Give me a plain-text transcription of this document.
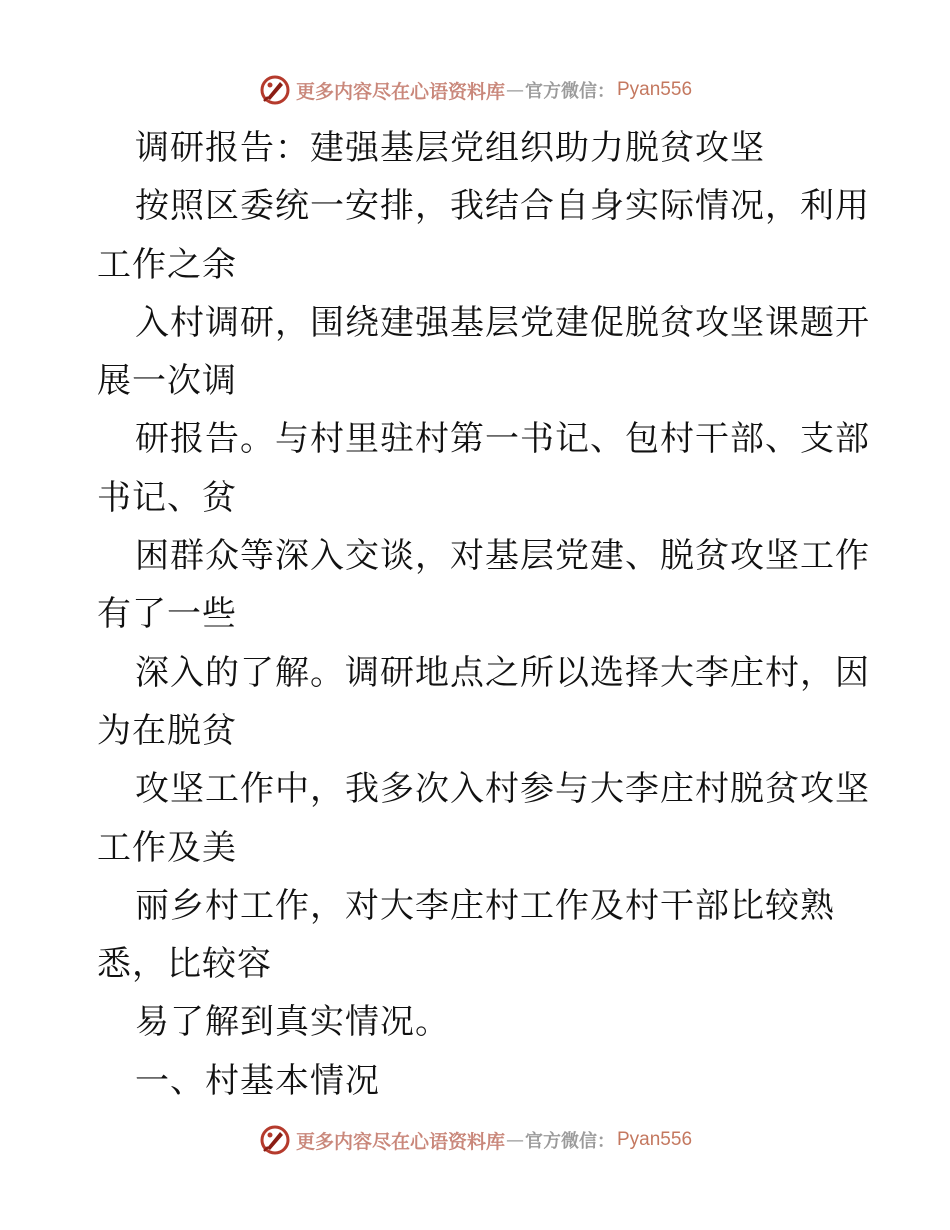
更多内容尽在心语资料库 — 官方微信： Pyan556
调研报告：建强基层党组织助力脱贫攻坚
按照区委统一安排，我结合自身实际情况，利用
工作之余
入村调研，围绕建强基层党建促脱贫攻坚课题开
展一次调
研报告。与村里驻村第一书记、包村干部、支部
书记、贫
困群众等深入交谈，对基层党建、脱贫攻坚工作
有了一些
深入的了解。调研地点之所以选择大李庄村，因
为在脱贫
攻坚工作中，我多次入村参与大李庄村脱贫攻坚
工作及美
丽乡村工作，对大李庄村工作及村干部比较熟
悉，比较容
易了解到真实情况。
一、村基本情况
更多内容尽在心语资料库 — 官方微信： Pyan556
